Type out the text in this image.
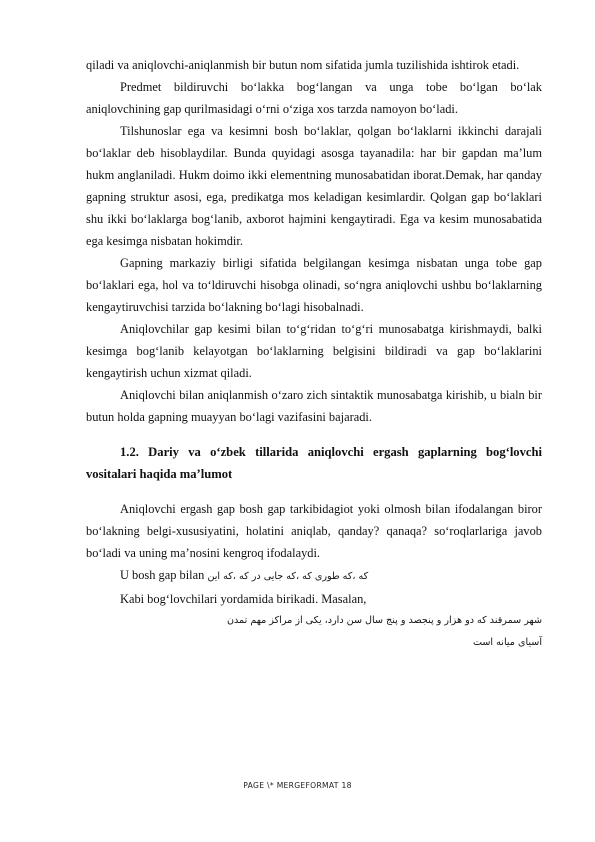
qiladi va aniqlovchi-aniqlanmish bir butun nom sifatida jumla tuzilishida ishtirok etadi.

Predmet bildiruvchi bo‘lakka bog‘langan va unga tobe bo‘lgan bo‘lak aniqlovchining gap qurilmasidagi o‘rni o‘ziga xos tarzda namoyon bo‘ladi.

Tilshunoslar ega va kesimni bosh bo‘laklar, qolgan bo‘laklarni ikkinchi darajali bo‘laklar deb hisoblaydilar. Bunda quyidagi asosga tayanadila: har bir gapdan ma’lum hukm anglaniladi. Hukm doimo ikki elementning munosabatidan iborat.Demak, har qanday gapning struktur asosi, ega, predikatga mos keladigan kesimlardir. Qolgan gap bo‘laklari shu ikki bo‘laklarga bog‘lanib, axborot hajmini kengaytiradi. Ega va kesim munosabatida ega kesimga nisbatan hokimdir.

Gapning markaziy birligi sifatida belgilangan kesimga nisbatan unga tobe gap bo‘laklari ega, hol va to‘ldiruvchi hisobga olinadi, so‘ngra aniqlovchi ushbu bo‘laklarning kengaytiruvchisi tarzida bo‘lakning bo‘lagi hisobalnadi.

Aniqlovchilar gap kesimi bilan to‘g‘ridan to‘g‘ri munosabatga kirishmaydi, balki kesimga bog‘lanib kelayotgan bo‘laklarning belgisini bildiradi va gap bo‘laklarini kengaytirish uchun xizmat qiladi.

Aniqlovchi bilan aniqlanmish o‘zaro zich sintaktik munosabatga kirishib, u bialn bir butun holda gapning muayyan bo‘lagi vazifasini bajaradi.

1.2. Dariy va o‘zbek tillarida aniqlovchi ergash gaplarning bog‘lovchi vositalari haqida ma’lumot

Aniqlovchi ergash gap bosh gap tarkibidagiot yoki olmosh bilan ifodalangan biror bo‘lakning belgi-xususiyatini, holatini aniqlab, qanday? qanaqa? so‘roqlarlariga javob bo‘ladi va uning ma’nosini kengroq ifodalaydi.

U bosh gap bilan که ،که طوری که ،که جایی در که ،که این

Kabi bog‘lovchilari yordamida birikadi. Masalan,

شهر سمرقند که دو هزار و پنجصد و پنج سال سن دارد، یکی از مراکز مهم تمدن
آسیای میانه است
PAGE \* MERGEFORMAT 18
